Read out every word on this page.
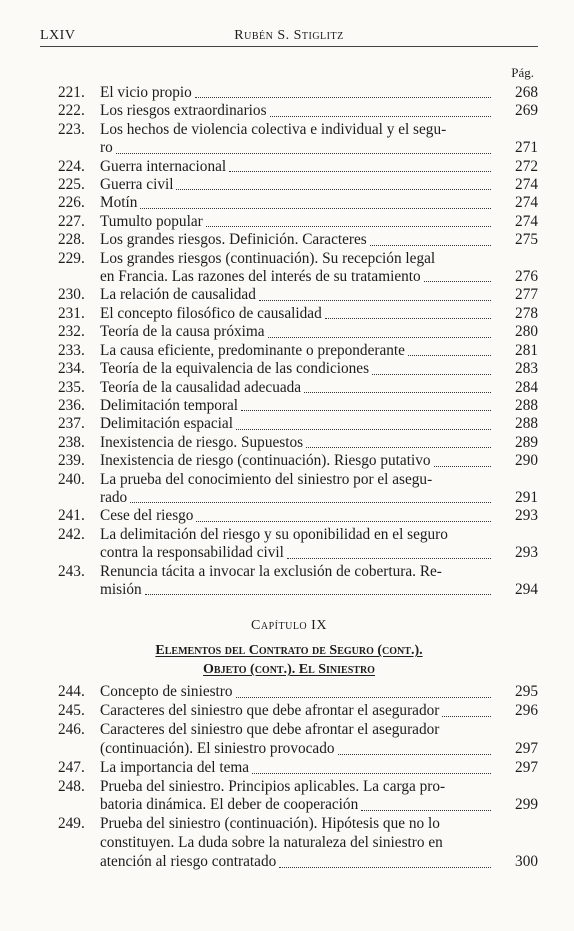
LXIV	Rubén S. Stiglitz
Pág.
221. El vicio propio	268
222. Los riesgos extraordinarios	269
223. Los hechos de violencia colectiva e individual y el segu-
ro	271
224. Guerra internacional	272
225. Guerra civil	274
226. Motín	274
227. Tumulto popular	274
228. Los grandes riesgos. Definición. Caracteres	275
229. Los grandes riesgos (continuación). Su recepción legal
en Francia. Las razones del interés de su tratamiento	276
230. La relación de causalidad	277
231. El concepto filosófico de causalidad	278
232. Teoría de la causa próxima	280
233. La causa eficiente, predominante o preponderante	281
234. Teoría de la equivalencia de las condiciones	283
235. Teoría de la causalidad adecuada	284
236. Delimitación temporal	288
237. Delimitación espacial	288
238. Inexistencia de riesgo. Supuestos	289
239. Inexistencia de riesgo (continuación). Riesgo putativo	290
240. La prueba del conocimiento del siniestro por el asegu-
rado	291
241. Cese del riesgo	293
242. La delimitación del riesgo y su oponibilidad en el seguro
contra la responsabilidad civil	293
243. Renuncia tácita a invocar la exclusión de cobertura. Re-
misión	294
Capítulo IX
Elementos del Contrato de Seguro (cont.).
Objeto (cont.). El Siniestro
244. Concepto de siniestro	295
245. Caracteres del siniestro que debe afrontar el asegurador	296
246. Caracteres del siniestro que debe afrontar el asegurador
(continuación). El siniestro provocado	297
247. La importancia del tema	297
248. Prueba del siniestro. Principios aplicables. La carga pro-
batoria dinámica. El deber de cooperación	299
249. Prueba del siniestro (continuación). Hipótesis que no lo
constituyen. La duda sobre la naturaleza del siniestro en
atención al riesgo contratado	300
